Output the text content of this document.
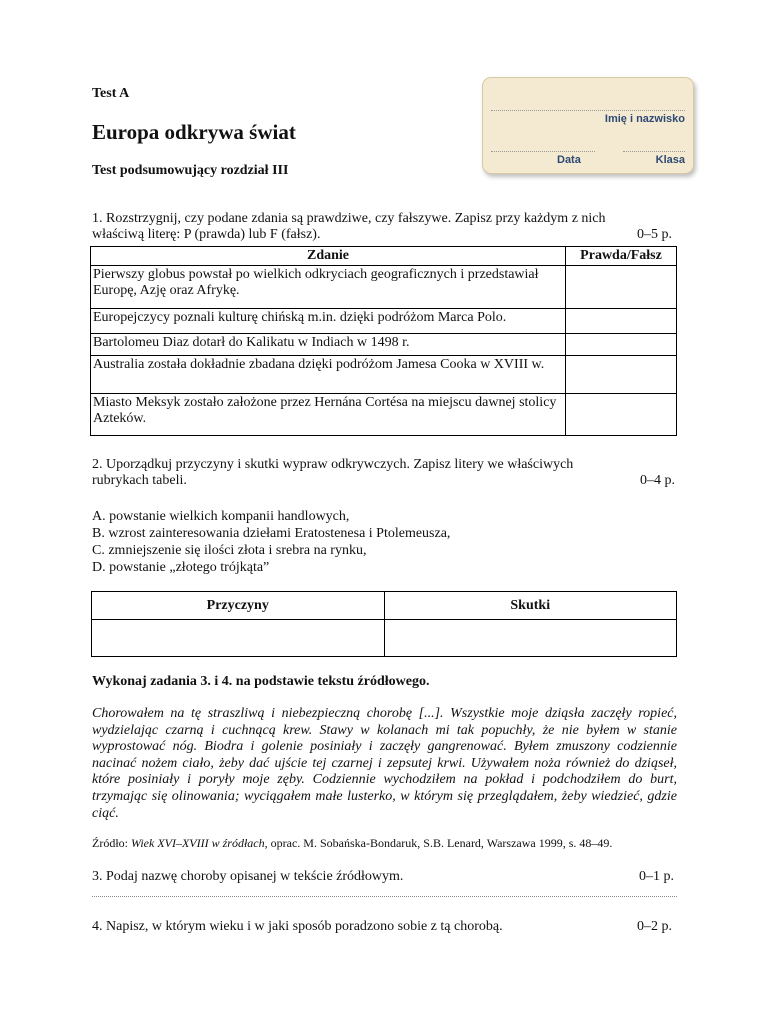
Test A
Europa odkrywa świat
Test podsumowujący rozdział III
Imię i nazwisko
Data	Klasa
1. Rozstrzygnij, czy podane zdania są prawdziwe, czy fałszywe. Zapisz przy każdym z nich
właściwą literę: P (prawda) lub F (fałsz).	0–5 p.
Zdanie	Prawda/Fałsz
Pierwszy globus powstał po wielkich odkryciach geograficznych i przedstawiał Europę, Azję oraz Afrykę.	
Europejczycy poznali kulturę chińską m.in. dzięki podróżom Marca Polo.	
Bartolomeu Diaz dotarł do Kalikatu w Indiach w 1498 r.	
Australia została dokładnie zbadana dzięki podróżom Jamesa Cooka w XVIII w.	
Miasto Meksyk zostało założone przez Hernána Cortésa na miejscu dawnej stolicy Azteków.	
2. Uporządkuj przyczyny i skutki wypraw odkrywczych. Zapisz litery we właściwych
rubrykach tabeli.	0–4 p.
A. powstanie wielkich kompanii handlowych,
B. wzrost zainteresowania dziełami Eratostenesa i Ptolemeusza,
C. zmniejszenie się ilości złota i srebra na rynku,
D. powstanie „złotego trójkąta”
Przyczyny	Skutki

Wykonaj zadania 3. i 4. na podstawie tekstu źródłowego.
Chorowałem na tę straszliwą i niebezpieczną chorobę [...]. Wszystkie moje dziąsła zaczęły ropieć, wydzielając czarną i cuchnącą krew. Stawy w kolanach mi tak popuchły, że nie byłem w stanie wyprostować nóg. Biodra i golenie posiniały i zaczęły gangrenować. Byłem zmuszony codziennie nacinać nożem ciało, żeby dać ujście tej czarnej i zepsutej krwi. Używałem noża również do dziąseł, które posiniały i poryły moje zęby. Codziennie wychodziłem na pokład i podchodziłem do burt, trzymając się olinowania; wyciągałem małe lusterko, w którym się przeglądałem, żeby wiedzieć, gdzie ciąć.
Źródło: Wiek XVI–XVIII w źródłach, oprac. M. Sobańska-Bondaruk, S.B. Lenard, Warszawa 1999, s. 48–49.
3. Podaj nazwę choroby opisanej w tekście źródłowym.	0–1 p.
4. Napisz, w którym wieku i w jaki sposób poradzono sobie z tą chorobą.	0–2 p.
